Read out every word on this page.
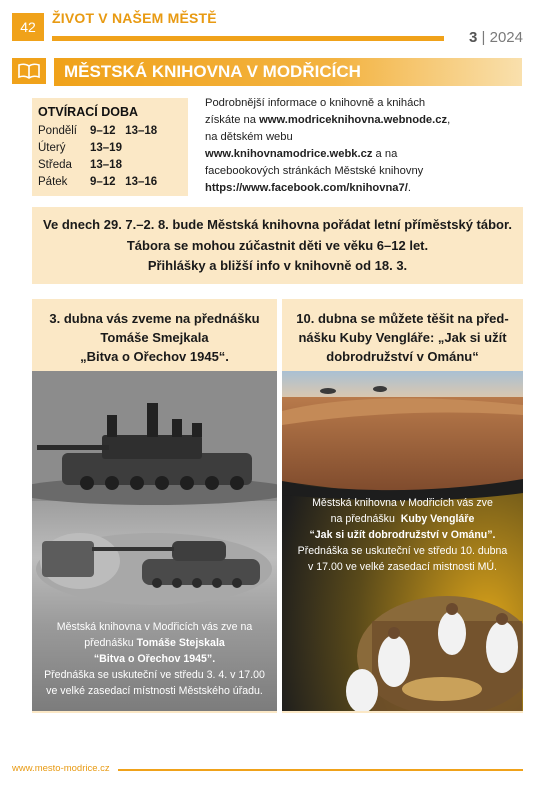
42
ŽIVOT V NAŠEM MĚSTĚ
3 | 2024
MĚSTSKÁ KNIHOVNA V MODŘICÍCH
OTVÍRACÍ DOBA
Pondělí	9–12   13–18
Úterý	13–19
Středa	13–18
Pátek	9–12   13–16
Podrobnější informace o knihovně a knihách
získáte na www.modriceknihovna.webnode.cz,
na dětském webu
www.knihovnamodrice.webk.cz a na
facebookových stránkách Městské knihovny
https://www.facebook.com/knihovna7/.
Ve dnech 29. 7.–2. 8. bude Městská knihovna pořádat letní příměstský tábor.
Tábora se mohou zúčastnit děti ve věku 6–12 let.
Přihlášky a bližší info v knihovně od 18. 3.
3. dubna vás zveme na přednášku
Tomáše Smejkala
„Bitva o Ořechov 1945“.
Městská knihovna v Modřicích vás zve na
přednášku Tomáše Stejskala
“Bitva o Ořechov 1945”.
Přednáška se uskuteční ve středu 3. 4. v 17.00
ve velké zasedací místnosti Městského úřadu.
10. dubna se můžete těšit na před-
nášku Kuby Vengláře: „Jak si užít
dobrodružství v Ománu“
Městská knihovna v Modřicích vás zve
na přednášku  Kuby Vengláře
“Jak si užít dobrodružství v Ománu”.
Přednáška se uskuteční ve středu 10. dubna
v 17.00 ve velké zasedací mistnosti MÚ.
www.mesto-modrice.cz
